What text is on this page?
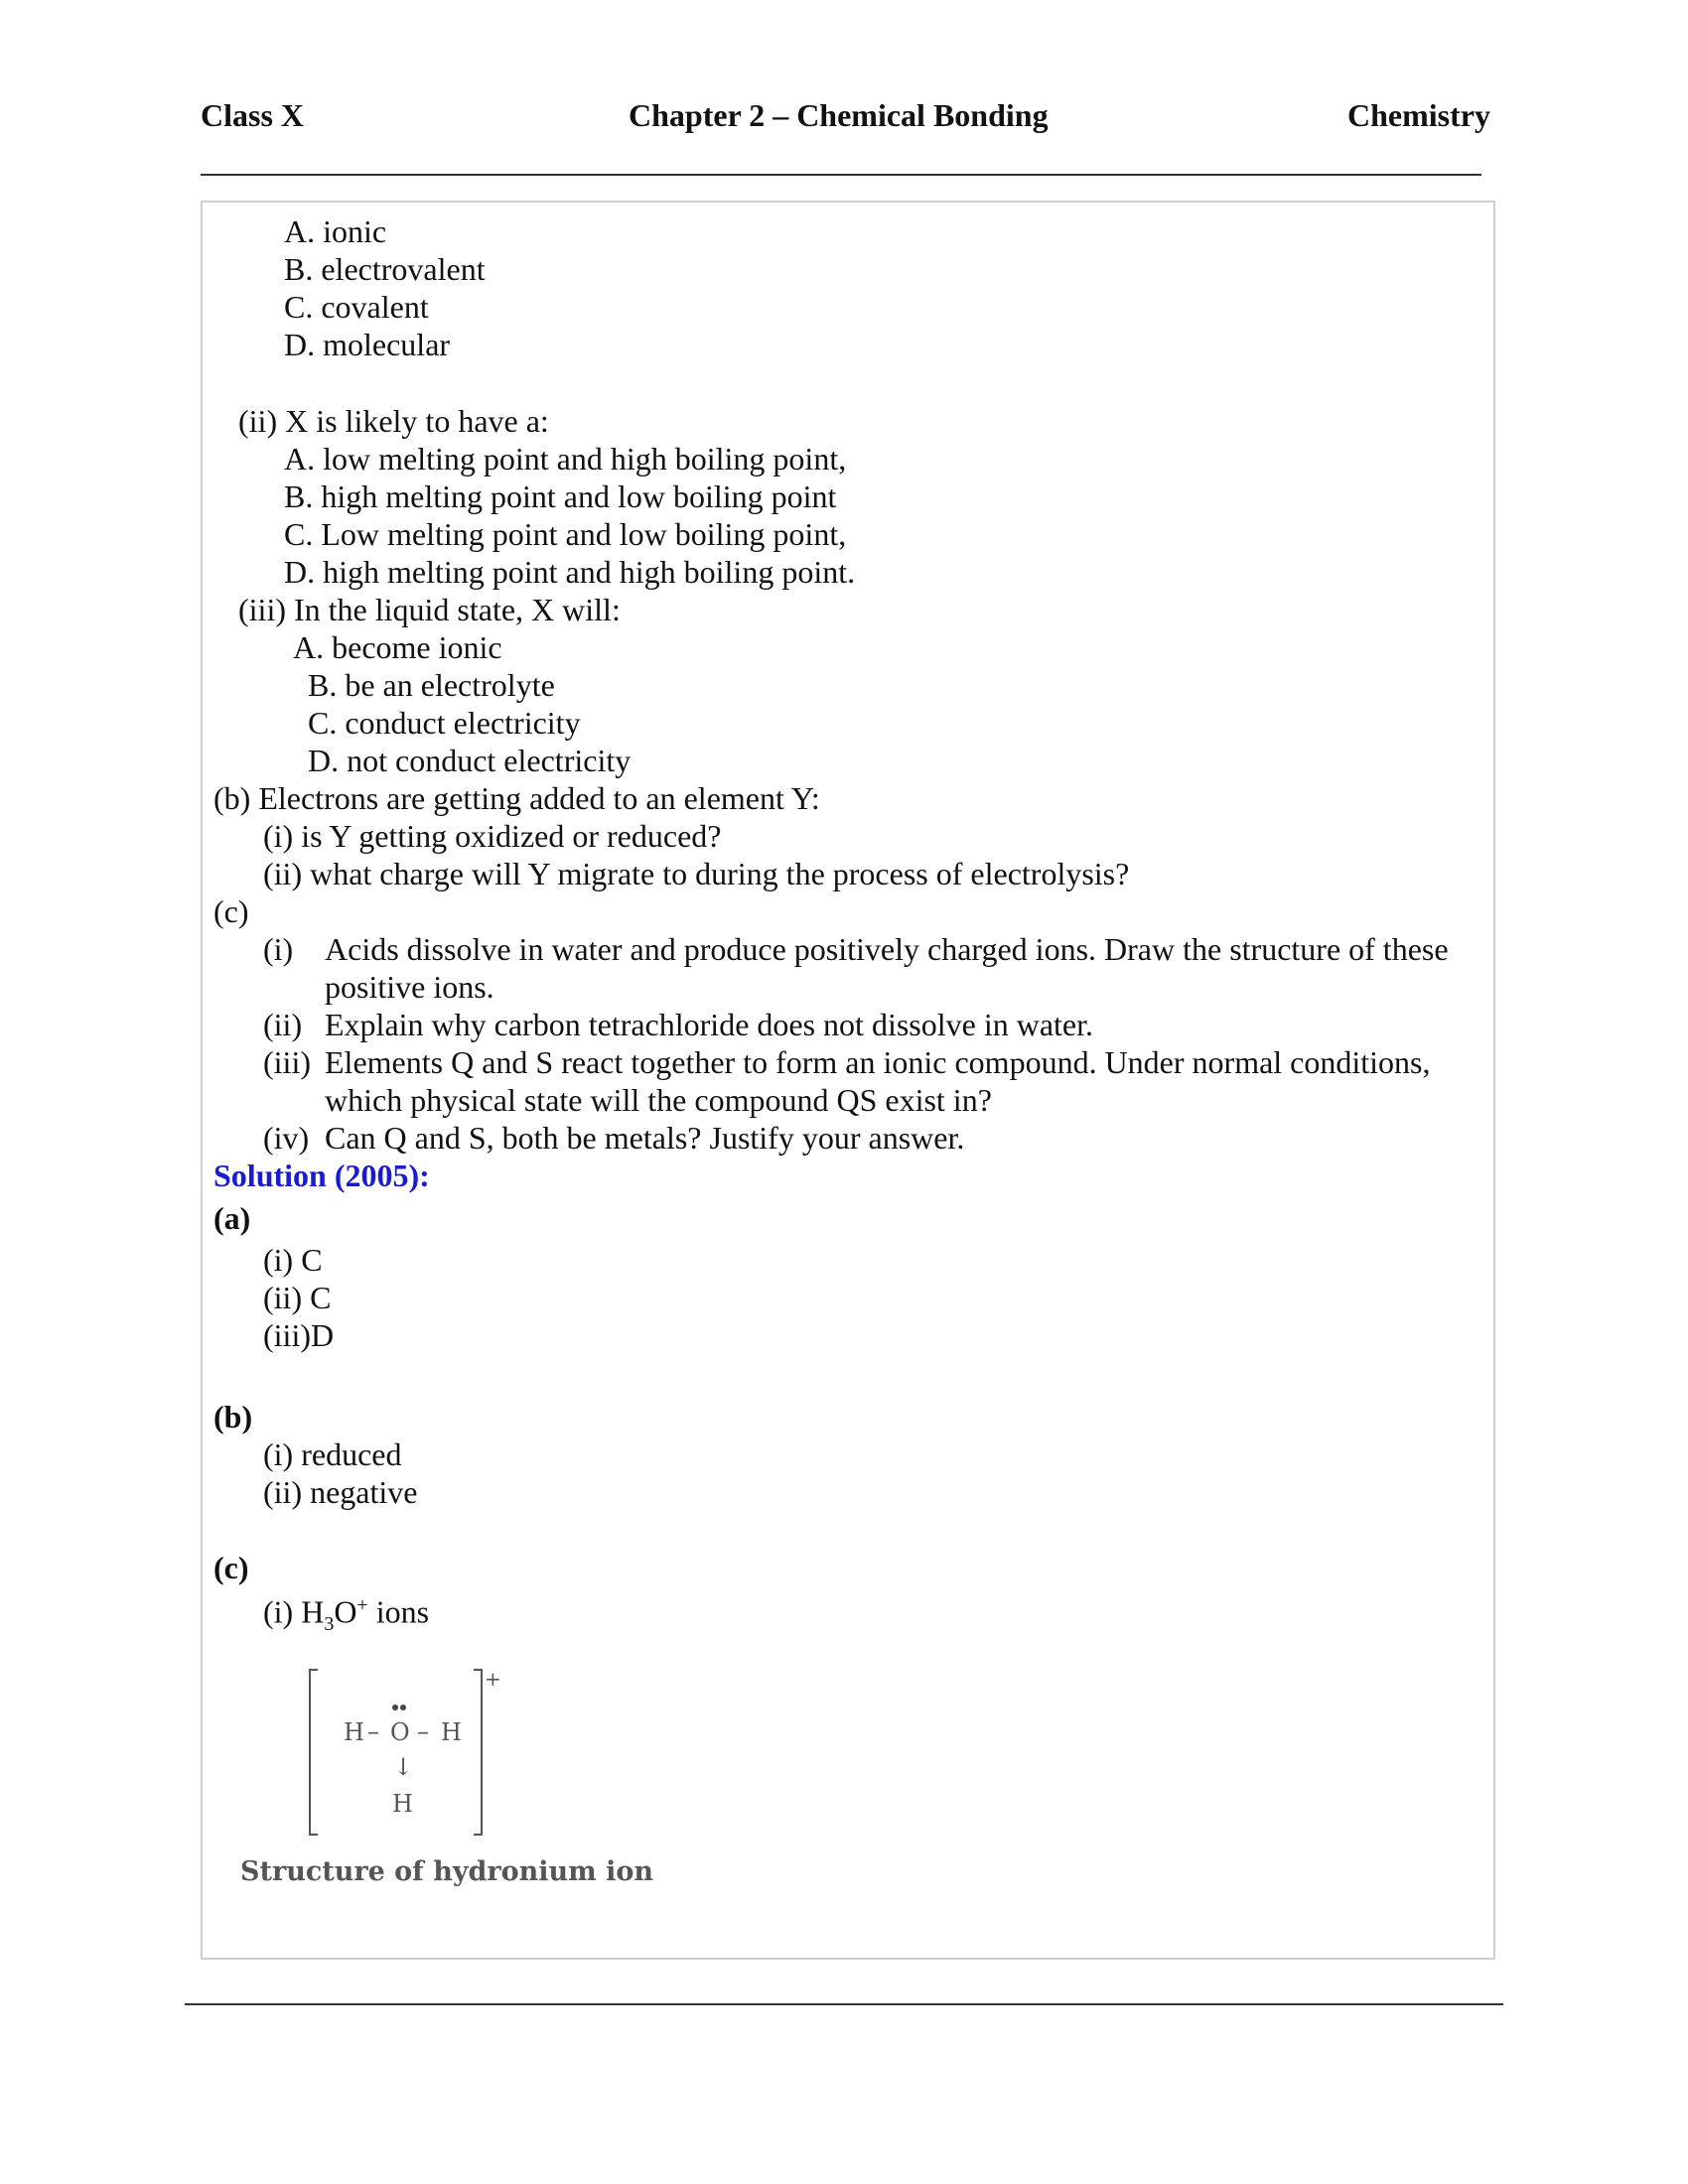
Class X	Chapter 2 – Chemical Bonding	Chemistry
A. ionic
B. electrovalent
C. covalent
D. molecular
(ii) X is likely to have a:
A. low melting point and high boiling point,
B. high melting point and low boiling point
C. Low melting point and low boiling point,
D. high melting point and high boiling point.
(iii) In the liquid state, X will:
A. become ionic
B. be an electrolyte
C. conduct electricity
D. not conduct electricity
(b) Electrons are getting added to an element Y:
(i) is Y getting oxidized or reduced?
(ii) what charge will Y migrate to during the process of electrolysis?
(c)
(i) Acids dissolve in water and produce positively charged ions. Draw the structure of these
positive ions.
(ii) Explain why carbon tetrachloride does not dissolve in water.
(iii) Elements Q and S react together to form an ionic compound. Under normal conditions,
which physical state will the compound QS exist in?
(iv) Can Q and S, both be metals? Justify your answer.
Solution (2005):
(a)
(i) C
(ii) C
(iii)D
(b)
(i) reduced
(ii) negative
(c)
(i) $H_3O^+$ ions
H – O – H
↓
H
+
Structure of hydronium ion
